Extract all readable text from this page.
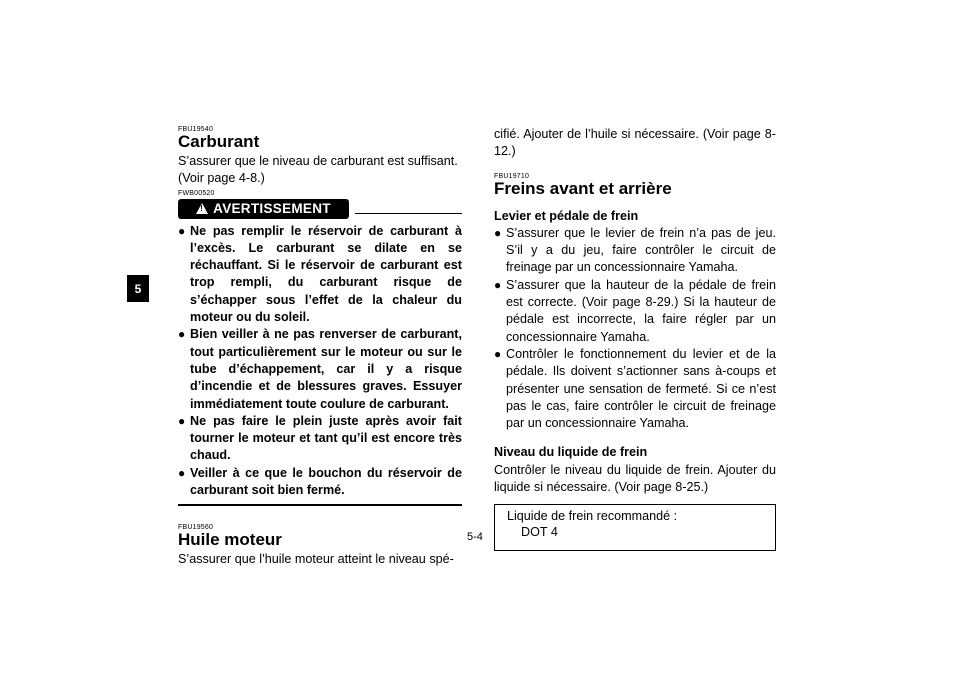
5
FBU19540
Carburant
S’assurer que le niveau de carburant est suffisant. (Voir page 4-8.)
FWB00520
! AVERTISSEMENT
● Ne pas remplir le réservoir de carburant à l’excès. Le carburant se dilate en se réchauffant. Si le réservoir de carburant est trop rempli, du carburant risque de s’échapper sous l’effet de la chaleur du moteur ou du soleil.
● Bien veiller à ne pas renverser de carburant, tout particulièrement sur le moteur ou sur le tube d’échappement, car il y a risque d’incendie et de blessures graves. Essuyer immédiatement toute coulure de carburant.
● Ne pas faire le plein juste après avoir fait tourner le moteur et tant qu’il est encore très chaud.
● Veiller à ce que le bouchon du réservoir de carburant soit bien fermé.
FBU19560
Huile moteur
S’assurer que l’huile moteur atteint le niveau spé-
cifié. Ajouter de l’huile si nécessaire. (Voir page 8-12.)
FBU19710
Freins avant et arrière
Levier et pédale de frein
● S’assurer que le levier de frein n’a pas de jeu. S’il y a du jeu, faire contrôler le circuit de freinage par un concessionnaire Yamaha.
● S’assurer que la hauteur de la pédale de frein est correcte. (Voir page 8-29.) Si la hauteur de pédale est incorrecte, la faire régler par un concessionnaire Yamaha.
● Contrôler le fonctionnement du levier et de la pédale. Ils doivent s’actionner sans à-coups et présenter une sensation de fermeté. Si ce n’est pas le cas, faire contrôler le circuit de freinage par un concessionnaire Yamaha.
Niveau du liquide de frein
Contrôler le niveau du liquide de frein. Ajouter du liquide si nécessaire. (Voir page 8-25.)
Liquide de frein recommandé :
DOT 4
5-4
